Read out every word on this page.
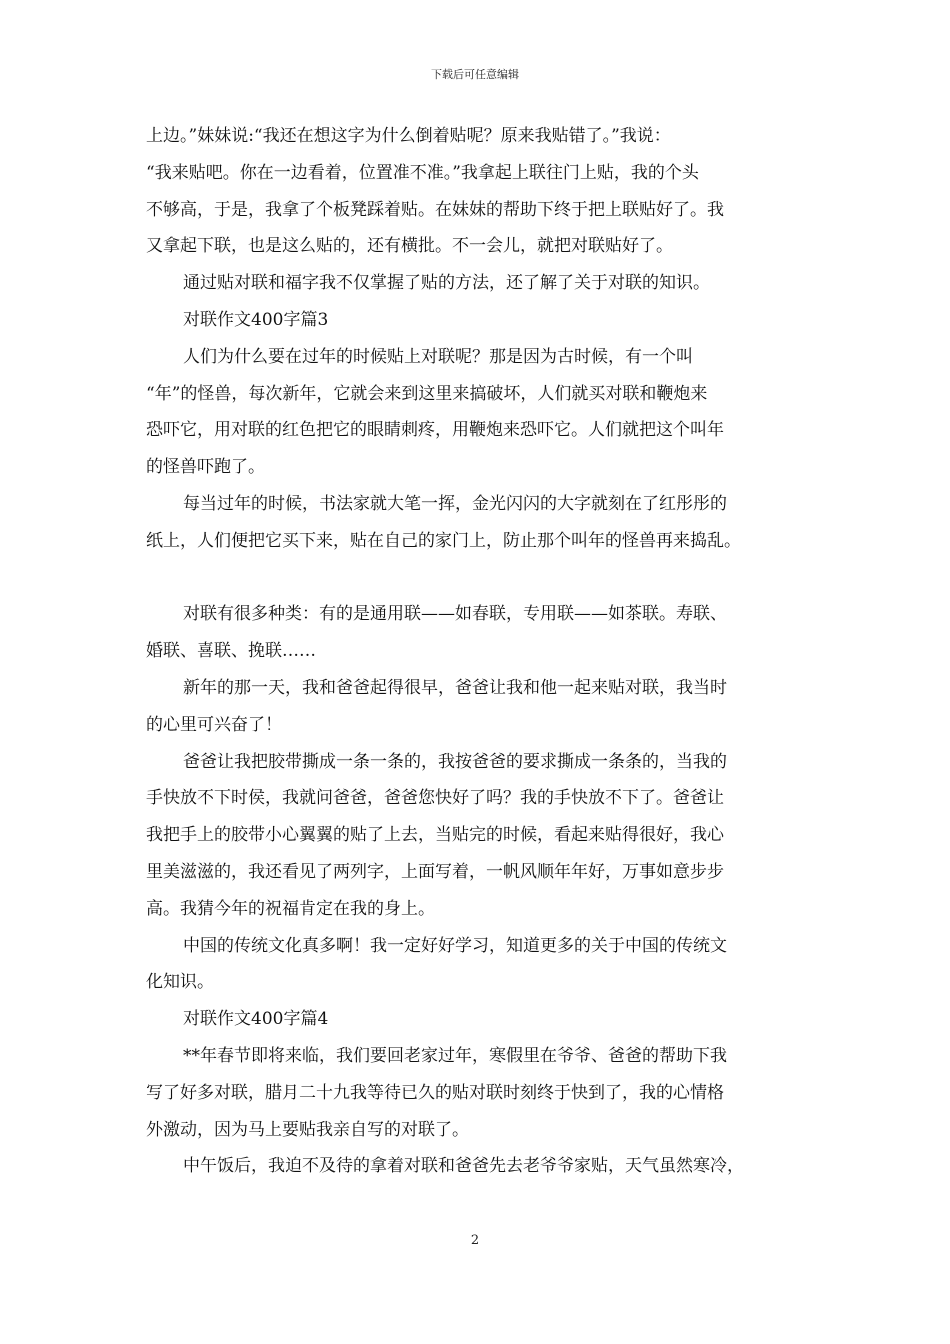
下载后可任意编辑

上边。”妹妹说:“我还在想这字为什么倒着贴呢？原来我贴错了。”我说：

“我来贴吧。你在一边看着，位置准不准。”我拿起上联往门上贴，我的个头

不够高，于是，我拿了个板凳踩着贴。在妹妹的帮助下终于把上联贴好了。我

又拿起下联，也是这么贴的，还有横批。不一会儿，就把对联贴好了。

通过贴对联和福字我不仅掌握了贴的方法，还了解了关于对联的知识。

对联作文400字篇3

人们为什么要在过年的时候贴上对联呢？那是因为古时候，有一个叫

“年”的怪兽，每次新年，它就会来到这里来搞破坏，人们就买对联和鞭炮来

恐吓它，用对联的红色把它的眼睛刺疼，用鞭炮来恐吓它。人们就把这个叫年

的怪兽吓跑了。

每当过年的时候，书法家就大笔一挥，金光闪闪的大字就刻在了红彤彤的

纸上，人们便把它买下来，贴在自己的家门上，防止那个叫年的怪兽再来捣乱。

对联有很多种类：有的是通用联——如春联，专用联——如茶联。寿联、

婚联、喜联、挽联……

新年的那一天，我和爸爸起得很早，爸爸让我和他一起来贴对联，我当时

的心里可兴奋了！

爸爸让我把胶带撕成一条一条的，我按爸爸的要求撕成一条条的，当我的

手快放不下时侯，我就问爸爸，爸爸您快好了吗？我的手快放不下了。爸爸让

我把手上的胶带小心翼翼的贴了上去，当贴完的时候，看起来贴得很好，我心

里美滋滋的，我还看见了两列字，上面写着，一帆风顺年年好，万事如意步步

高。我猜今年的祝福肯定在我的身上。

中国的传统文化真多啊！我一定好好学习，知道更多的关于中国的传统文

化知识。

对联作文400字篇4

**年春节即将来临，我们要回老家过年，寒假里在爷爷、爸爸的帮助下我

写了好多对联，腊月二十九我等待已久的贴对联时刻终于快到了，我的心情格

外激动，因为马上要贴我亲自写的对联了。

中午饭后，我迫不及待的拿着对联和爸爸先去老爷爷家贴，天气虽然寒冷，

2
